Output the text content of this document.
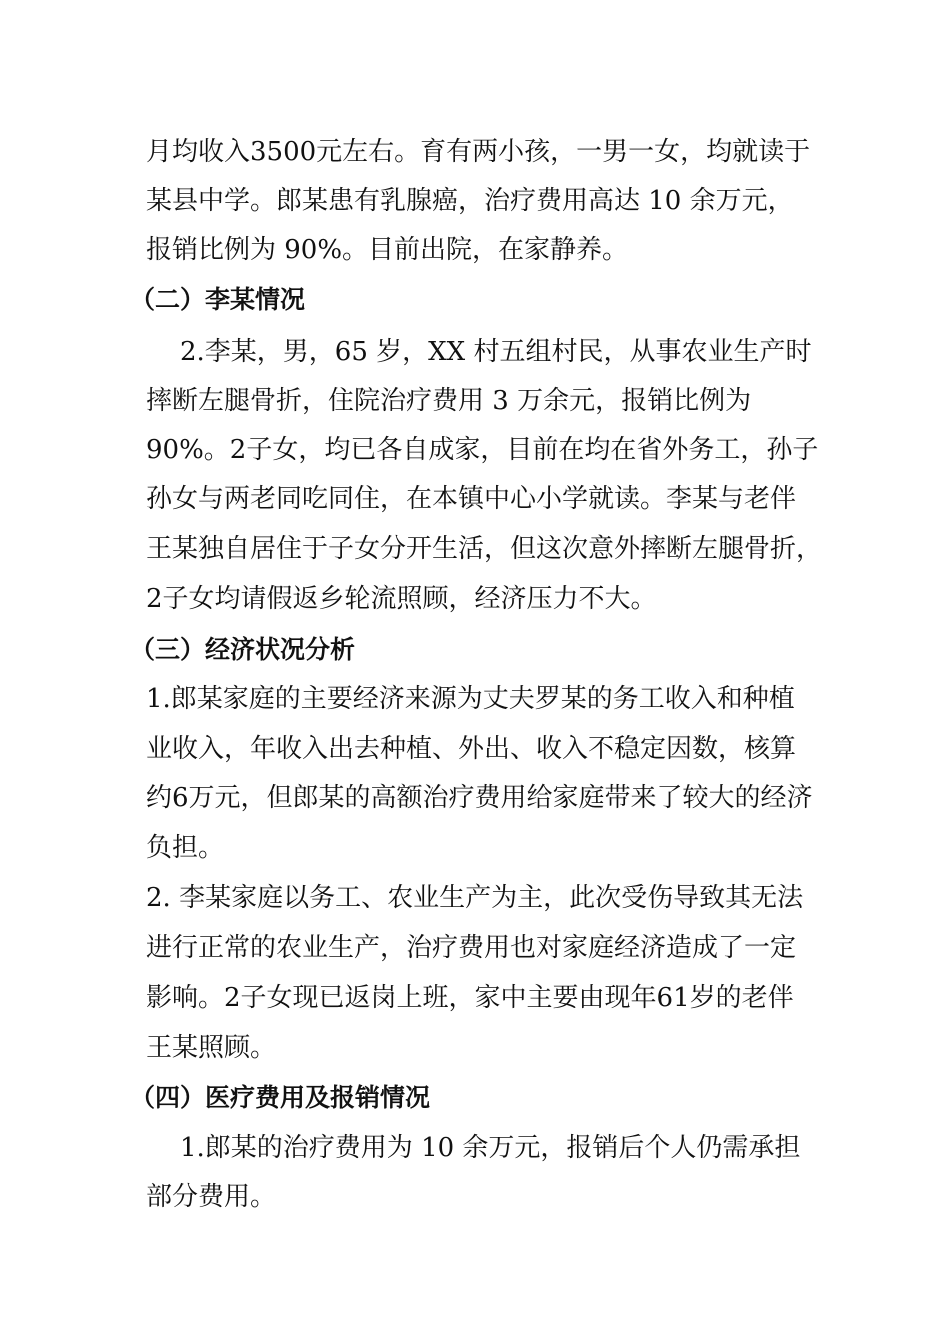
月均收入3500元左右。育有两小孩，一男一女，均就读于
某县中学。郎某患有乳腺癌，治疗费用高达 10 余万元，
报销比例为 90%。目前出院，在家静养。
（二）李某情况
2.李某，男，65 岁，XX 村五组村民，从事农业生产时
摔断左腿骨折，住院治疗费用 3 万余元，报销比例为
90%。2子女，均已各自成家，目前在均在省外务工，孙子
孙女与两老同吃同住，在本镇中心小学就读。李某与老伴
王某独自居住于子女分开生活，但这次意外摔断左腿骨折，
2子女均请假返乡轮流照顾，经济压力不大。
（三）经济状况分析
1.郎某家庭的主要经济来源为丈夫罗某的务工收入和种植
业收入，年收入出去种植、外出、收入不稳定因数，核算
约6万元，但郎某的高额治疗费用给家庭带来了较大的经济
负担。
2. 李某家庭以务工、农业生产为主，此次受伤导致其无法
进行正常的农业生产，治疗费用也对家庭经济造成了一定
影响。2子女现已返岗上班，家中主要由现年61岁的老伴
王某照顾。
（四）医疗费用及报销情况
1.郎某的治疗费用为 10 余万元，报销后个人仍需承担
部分费用。
